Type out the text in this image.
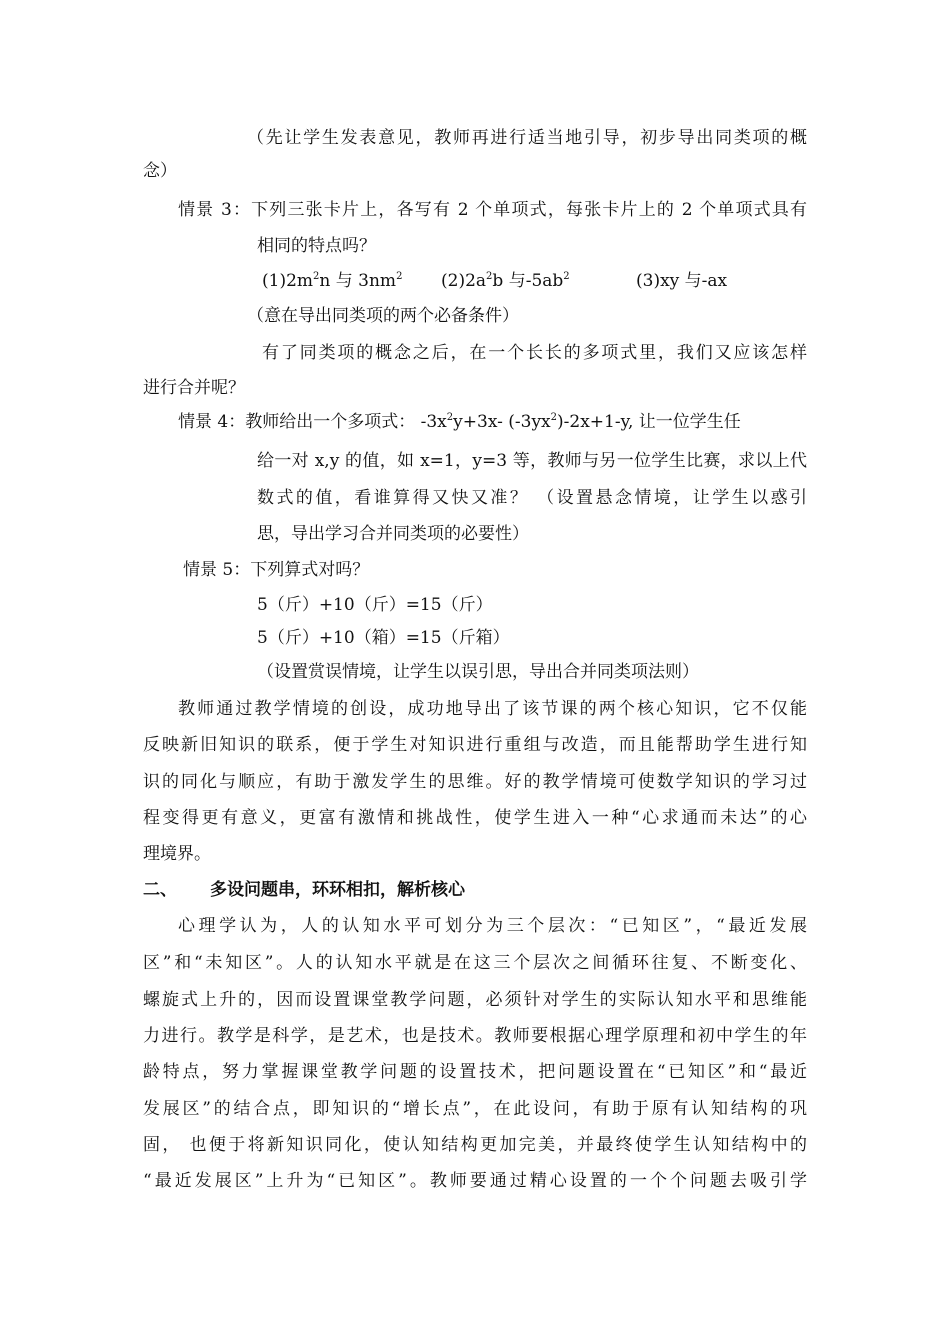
（先让学生发表意见，教师再进行适当地引导，初步导出同类项的概
念）
情景 3：下列三张卡片上，各写有 2 个单项式，每张卡片上的 2 个单项式具有
相同的特点吗？
$(1)2m^2n$ 与 $3nm^2$ $(2)2a^2b$ 与$-5ab^2$	(3)xy 与-ax
（意在导出同类项的两个必备条件）
有了同类项的概念之后，在一个长长的多项式里，我们又应该怎样
进行合并呢？
情景 4：教师给出一个多项式： $-3x^2y+3x-$ $(-3yx^2)-2x+1-y$, 让一位学生任
给一对 x,y 的值，如 x=1，y=3 等，教师与另一位学生比赛，求以上代
数式的值，看谁算得又快又准？ （设置悬念情境，让学生以惑引
思，导出学习合并同类项的必要性）
情景 5：下列算式对吗？
5（斤）+10（斤）=15（斤）
5（斤）+10（箱）=15（斤箱）
（设置赏误情境，让学生以误引思，导出合并同类项法则）
教师通过教学情境的创设，成功地导出了该节课的两个核心知识，它不仅能
反映新旧知识的联系，便于学生对知识进行重组与改造，而且能帮助学生进行知
识的同化与顺应，有助于激发学生的思维。好的教学情境可使数学知识的学习过
程变得更有意义，更富有激情和挑战性，使学生进入一种“心求通而未达”的心
理境界。
二、 多设问题串，环环相扣，解析核心
心理学认为，人的认知水平可划分为三个层次：“已知区”，“最近发展
区”和“未知区”。人的认知水平就是在这三个层次之间循环往复、不断变化、
螺旋式上升的，因而设置课堂教学问题，必须针对学生的实际认知水平和思维能
力进行。教学是科学，是艺术，也是技术。教师要根据心理学原理和初中学生的年
龄特点，努力掌握课堂教学问题的设置技术，把问题设置在“已知区”和“最近
发展区”的结合点，即知识的“增长点”，在此设问，有助于原有认知结构的巩
固， 也便于将新知识同化，使认知结构更加完美，并最终使学生认知结构中的
“最近发展区”上升为“已知区”。教师要通过精心设置的一个个问题去吸引学
